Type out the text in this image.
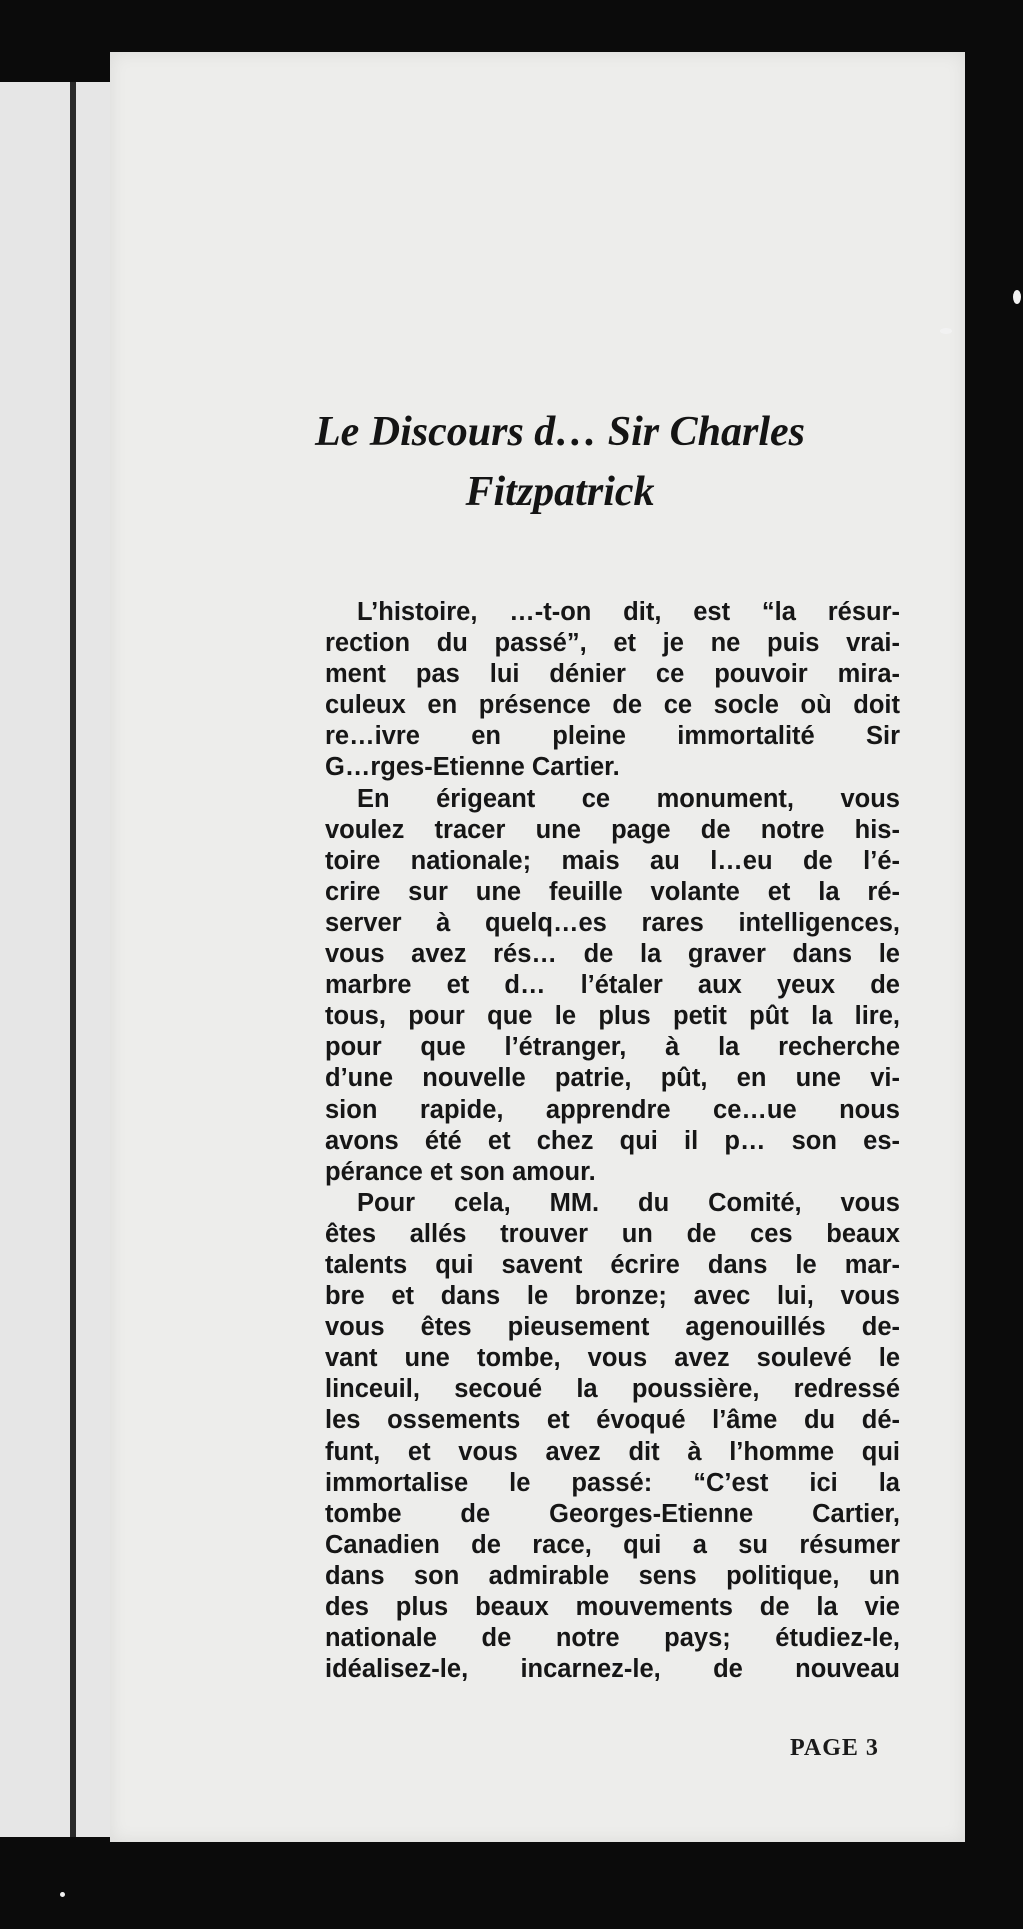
Le Discours d… Sir Charles
Fitzpatrick
L’histoire, …-t-on dit, est “la résur-
rection du passé”, et je ne puis vrai-
ment pas lui dénier ce pouvoir mira-
culeux en présence de ce socle où doit
re…ivre en pleine immortalité Sir
G…rges-Etienne Cartier.
En érigeant ce monument, vous
voulez tracer une page de notre his-
toire nationale; mais au l…eu de l’é-
crire sur une feuille volante et la ré-
server à quelq…es rares intelligences,
vous avez rés… de la graver dans le
marbre et d… l’étaler aux yeux de
tous, pour que le plus petit pût la lire,
pour que l’étranger, à la recherche
d’une nouvelle patrie, pût, en une vi-
sion rapide, apprendre ce…ue nous
avons été et chez qui il p… son es-
pérance et son amour.
Pour cela, MM. du Comité, vous
êtes allés trouver un de ces beaux
talents qui savent écrire dans le mar-
bre et dans le bronze; avec lui, vous
vous êtes pieusement agenouillés de-
vant une tombe, vous avez soulevé le
linceuil, secoué la poussière, redressé
les ossements et évoqué l’âme du dé-
funt, et vous avez dit à l’homme qui
immortalise le passé: “C’est ici la
tombe de Georges-Etienne Cartier,
Canadien de race, qui a su résumer
dans son admirable sens politique, un
des plus beaux mouvements de la vie
nationale de notre pays; étudiez-le,
idéalisez-le, incarnez-le, de nouveau

PAGE 3
